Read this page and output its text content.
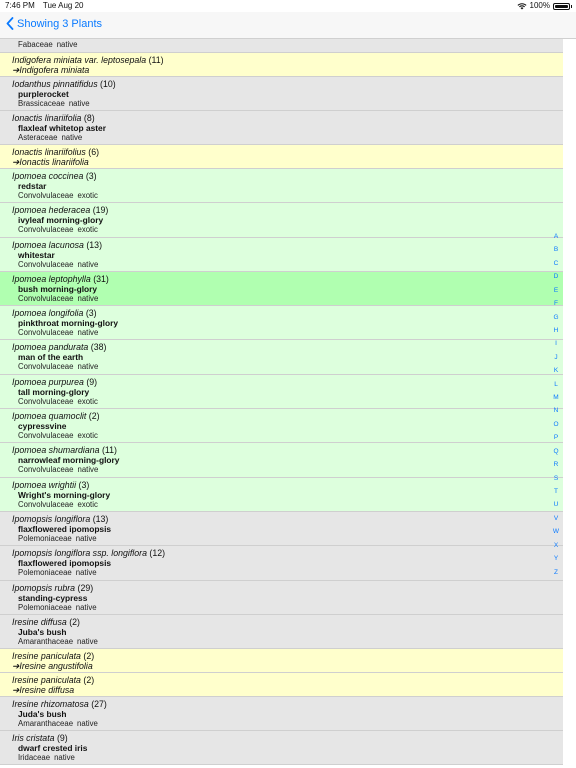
7:46 PM Tue Aug 20	100%
Showing 3 Plants
Fabaceae native
Indigofera miniata var. leptosepala (11)
➔Indigofera miniata
Iodanthus pinnatifidus (10)
purplerocket
Brassicaceae native
Ionactis linariifolia (8)
flaxleaf whitetop aster
Asteraceae native
Ionactis linariifolius (6)
➔Ionactis linariifolia
Ipomoea coccinea (3)
redstar
Convolvulaceae exotic
Ipomoea hederacea (19)
ivyleaf morning-glory
Convolvulaceae exotic
Ipomoea lacunosa (13)
whitestar
Convolvulaceae native
Ipomoea leptophylla (31)
bush morning-glory
Convolvulaceae native
Ipomoea longifolia (3)
pinkthroat morning-glory
Convolvulaceae native
Ipomoea pandurata (38)
man of the earth
Convolvulaceae native
Ipomoea purpurea (9)
tall morning-glory
Convolvulaceae exotic
Ipomoea quamoclit (2)
cypressvine
Convolvulaceae exotic
Ipomoea shumardiana (11)
narrowleaf morning-glory
Convolvulaceae native
Ipomoea wrightii (3)
Wright's morning-glory
Convolvulaceae exotic
Ipomopsis longiflora (13)
flaxflowered ipomopsis
Polemoniaceae native
Ipomopsis longiflora ssp. longiflora (12)
flaxflowered ipomopsis
Polemoniaceae native
Ipomopsis rubra (29)
standing-cypress
Polemoniaceae native
Iresine diffusa (2)
Juba's bush
Amaranthaceae native
Iresine paniculata (2)
➔Iresine angustifolia
Iresine paniculata (2)
➔Iresine diffusa
Iresine rhizomatosa (27)
Juda's bush
Amaranthaceae native
Iris cristata (9)
dwarf crested iris
Iridaceae native
A
B
C
D
E
F
G
H
I
J
K
L
M
N
O
P
Q
R
S
T
U
V
W
X
Y
Z
